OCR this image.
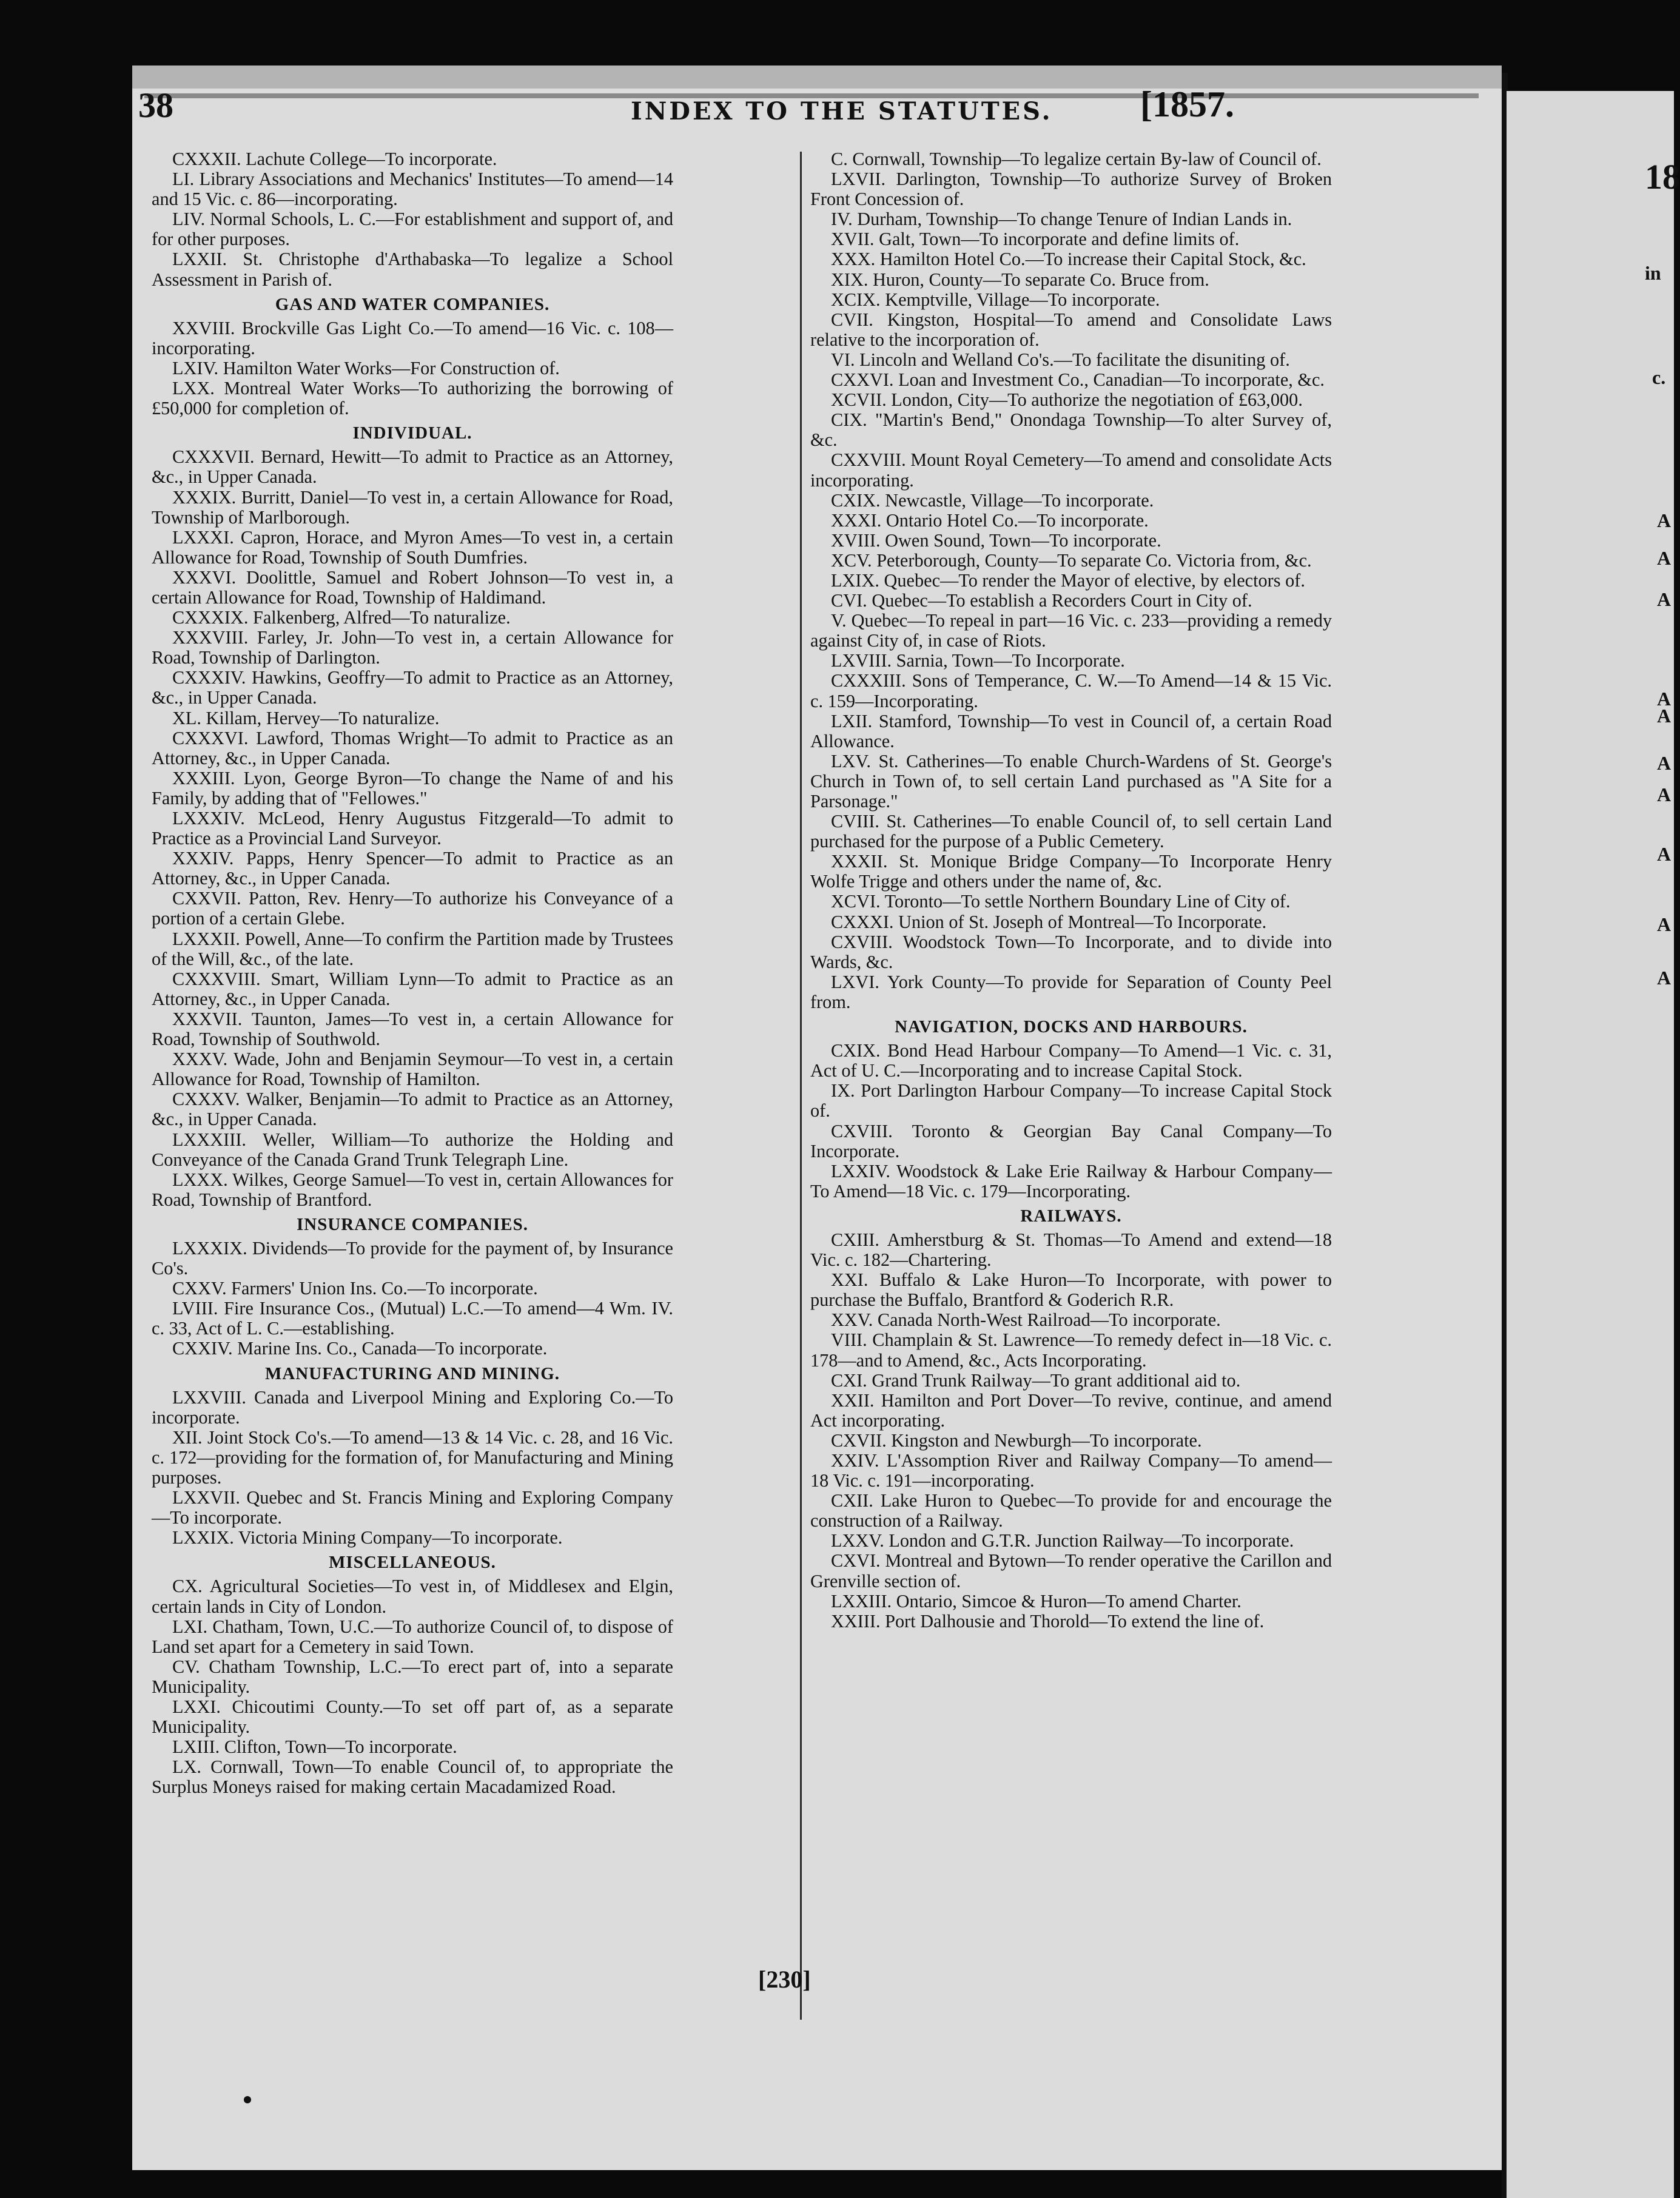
18
in
c.
A
A
A
A
A
A
A
A
A
A
38	INDEX TO THE STATUTES. [1857.

CXXXII. Lachute College—To incorporate.

LI. Library Associations and Mechanics' Institutes—To amend—14 and 15 Vic. c. 86—incorporating.

LIV. Normal Schools, L. C.—For establishment and support of, and for other purposes.

LXXII. St. Christophe d'Arthabaska—To legalize a School Assessment in Parish of.

GAS AND WATER COMPANIES.

XXVIII. Brockville Gas Light Co.—To amend—16 Vic. c. 108—incorporating.

LXIV. Hamilton Water Works—For Construction of.

LXX. Montreal Water Works—To authorizing the borrowing of £50,000 for completion of.

INDIVIDUAL.

CXXXVII. Bernard, Hewitt—To admit to Practice as an Attorney, &c., in Upper Canada.

XXXIX. Burritt, Daniel—To vest in, a certain Allowance for Road, Township of Marlborough.

LXXXI. Capron, Horace, and Myron Ames—To vest in, a certain Allowance for Road, Township of South Dumfries.

XXXVI. Doolittle, Samuel and Robert Johnson—To vest in, a certain Allowance for Road, Township of Haldimand.

CXXXIX. Falkenberg, Alfred—To naturalize.

XXXVIII. Farley, Jr. John—To vest in, a certain Allowance for Road, Township of Darlington.

CXXXIV. Hawkins, Geoffry—To admit to Practice as an Attorney, &c., in Upper Canada.

XL. Killam, Hervey—To naturalize.

CXXXVI. Lawford, Thomas Wright—To admit to Practice as an Attorney, &c., in Upper Canada.

XXXIII. Lyon, George Byron—To change the Name of and his Family, by adding that of "Fellowes."

LXXXIV. McLeod, Henry Augustus Fitzgerald—To admit to Practice as a Provincial Land Surveyor.

XXXIV. Papps, Henry Spencer—To admit to Practice as an Attorney, &c., in Upper Canada.

CXXVII. Patton, Rev. Henry—To authorize his Conveyance of a portion of a certain Glebe.

LXXXII. Powell, Anne—To confirm the Partition made by Trustees of the Will, &c., of the late.

CXXXVIII. Smart, William Lynn—To admit to Practice as an Attorney, &c., in Upper Canada.

XXXVII. Taunton, James—To vest in, a certain Allowance for Road, Township of Southwold.

XXXV. Wade, John and Benjamin Seymour—To vest in, a certain Allowance for Road, Township of Hamilton.

CXXXV. Walker, Benjamin—To admit to Practice as an Attorney, &c., in Upper Canada.

LXXXIII. Weller, William—To authorize the Holding and Conveyance of the Canada Grand Trunk Telegraph Line.

LXXX. Wilkes, George Samuel—To vest in, certain Allowances for Road, Township of Brantford.

INSURANCE COMPANIES.

LXXXIX. Dividends—To provide for the payment of, by Insurance Co's.

CXXV. Farmers' Union Ins. Co.—To incorporate.

LVIII. Fire Insurance Cos., (Mutual) L.C.—To amend—4 Wm. IV. c. 33, Act of L. C.—establishing.

CXXIV. Marine Ins. Co., Canada—To incorporate.

MANUFACTURING AND MINING.

LXXVIII. Canada and Liverpool Mining and Exploring Co.—To incorporate.

XII. Joint Stock Co's.—To amend—13 & 14 Vic. c. 28, and 16 Vic. c. 172—providing for the formation of, for Manufacturing and Mining purposes.

LXXVII. Quebec and St. Francis Mining and Exploring Company—To incorporate.

LXXIX. Victoria Mining Company—To incorporate.

MISCELLANEOUS.

CX. Agricultural Societies—To vest in, of Middlesex and Elgin, certain lands in City of London.

LXI. Chatham, Town, U.C.—To authorize Council of, to dispose of Land set apart for a Cemetery in said Town.

CV. Chatham Township, L.C.—To erect part of, into a separate Municipality.

LXXI. Chicoutimi County.—To set off part of, as a separate Municipality.

LXIII. Clifton, Town—To incorporate.

LX. Cornwall, Town—To enable Council of, to appropriate the Surplus Moneys raised for making certain Macadamized Road.

C. Cornwall, Township—To legalize certain By-law of Council of.

LXVII. Darlington, Township—To authorize Survey of Broken Front Concession of.

IV. Durham, Township—To change Tenure of Indian Lands in.

XVII. Galt, Town—To incorporate and define limits of.

XXX. Hamilton Hotel Co.—To increase their Capital Stock, &c.

XIX. Huron, County—To separate Co. Bruce from.

XCIX. Kemptville, Village—To incorporate.

CVII. Kingston, Hospital—To amend and Consolidate Laws relative to the incorporation of.

VI. Lincoln and Welland Co's.—To facilitate the disuniting of.

CXXVI. Loan and Investment Co., Canadian—To incorporate, &c.

XCVII. London, City—To authorize the negotiation of £63,000.

CIX. "Martin's Bend," Onondaga Township—To alter Survey of, &c.

CXXVIII. Mount Royal Cemetery—To amend and consolidate Acts incorporating.

CXIX. Newcastle, Village—To incorporate.

XXXI. Ontario Hotel Co.—To incorporate.

XVIII. Owen Sound, Town—To incorporate.

XCV. Peterborough, County—To separate Co. Victoria from, &c.

LXIX. Quebec—To render the Mayor of elective, by electors of.

CVI. Quebec—To establish a Recorders Court in City of.

V. Quebec—To repeal in part—16 Vic. c. 233—providing a remedy against City of, in case of Riots.

LXVIII. Sarnia, Town—To Incorporate.

CXXXIII. Sons of Temperance, C. W.—To Amend—14 & 15 Vic. c. 159—Incorporating.

LXII. Stamford, Township—To vest in Council of, a certain Road Allowance.

LXV. St. Catherines—To enable Church-Wardens of St. George's Church in Town of, to sell certain Land purchased as "A Site for a Parsonage."

CVIII. St. Catherines—To enable Council of, to sell certain Land purchased for the purpose of a Public Cemetery.

XXXII. St. Monique Bridge Company—To Incorporate Henry Wolfe Trigge and others under the name of, &c.

XCVI. Toronto—To settle Northern Boundary Line of City of.

CXXXI. Union of St. Joseph of Montreal—To Incorporate.

CXVIII. Woodstock Town—To Incorporate, and to divide into Wards, &c.

LXVI. York County—To provide for Separation of County Peel from.

NAVIGATION, DOCKS AND HARBOURS.

CXIX. Bond Head Harbour Company—To Amend—1 Vic. c. 31, Act of U. C.—Incorporating and to increase Capital Stock.

IX. Port Darlington Harbour Company—To increase Capital Stock of.

CXVIII. Toronto & Georgian Bay Canal Company—To Incorporate.

LXXIV. Woodstock & Lake Erie Railway & Harbour Company—To Amend—18 Vic. c. 179—Incorporating.

RAILWAYS.

CXIII. Amherstburg & St. Thomas—To Amend and extend—18 Vic. c. 182—Chartering.

XXI. Buffalo & Lake Huron—To Incorporate, with power to purchase the Buffalo, Brantford & Goderich R.R.

XXV. Canada North-West Railroad—To incorporate.

VIII. Champlain & St. Lawrence—To remedy defect in—18 Vic. c. 178—and to Amend, &c., Acts Incorporating.

CXI. Grand Trunk Railway—To grant additional aid to.

XXII. Hamilton and Port Dover—To revive, continue, and amend Act incorporating.

CXVII. Kingston and Newburgh—To incorporate.

XXIV. L'Assomption River and Railway Company—To amend—18 Vic. c. 191—incorporating.

CXII. Lake Huron to Quebec—To provide for and encourage the construction of a Railway.

LXXV. London and G.T.R. Junction Railway—To incorporate.

CXVI. Montreal and Bytown—To render operative the Carillon and Grenville section of.

LXXIII. Ontario, Simcoe & Huron—To amend Charter.

XXIII. Port Dalhousie and Thorold—To extend the line of.

[230]
